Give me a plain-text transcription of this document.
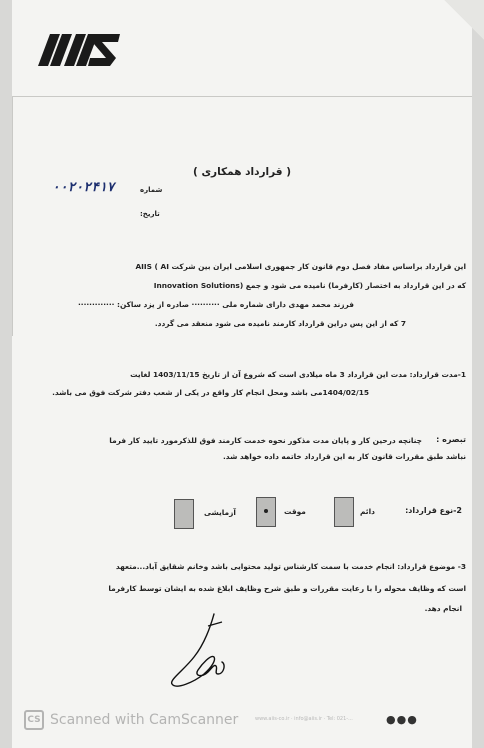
( قرارداد همکاری )
۰۰۲۰۲۴۱۷	شماره
تاریخ:
این قرارداد براساس مفاد فصل دوم قانون کار جمهوری اسلامی ایران بین شرکت AIIS ( AI
Innovation Solutions) که در این قرارداد به اختصار (کارفرما) نامیده می شود و جمع
فرزند محمد مهدی دارای شماره ملی ·········· صادره از یزد ساکن: ·············
7 که از این پس دراین قرارداد کارمند نامیده می شود منعقد می گردد.
1-مدت قرارداد: مدت این قرارداد 3 ماه میلادی است که شروع آن از تاریخ 1403/11/15 لغایت
1404/02/15می باشد ومحل انجام کار واقع در یکی از شعب دفتر شرکت فوق می باشد.
تبصره :
چنانچه درحین کار و پایان مدت مذکور نحوه خدمت کارمند فوق للذکرمورد تایید کار فرما
نباشد طبق مقررات قانون کار به این قرارداد خاتمه داده خواهد شد.
2-نوع قرارداد:
دائم
موقت
آزمایشی
3- موضوع قرارداد: انجام خدمت با سمت کارشناس تولید محتوایی باشد وخانم شقایق آباد...متعهد
است که وظایف محوله را با رعایت مقررات و طبق شرح وظایف ابلاغ شده به ایشان توسط کارفرما
انجام دهد.
CS Scanned with CamScanner	www.aiis-co.ir · info@aiis.ir · Tel: 021-...	●●●
